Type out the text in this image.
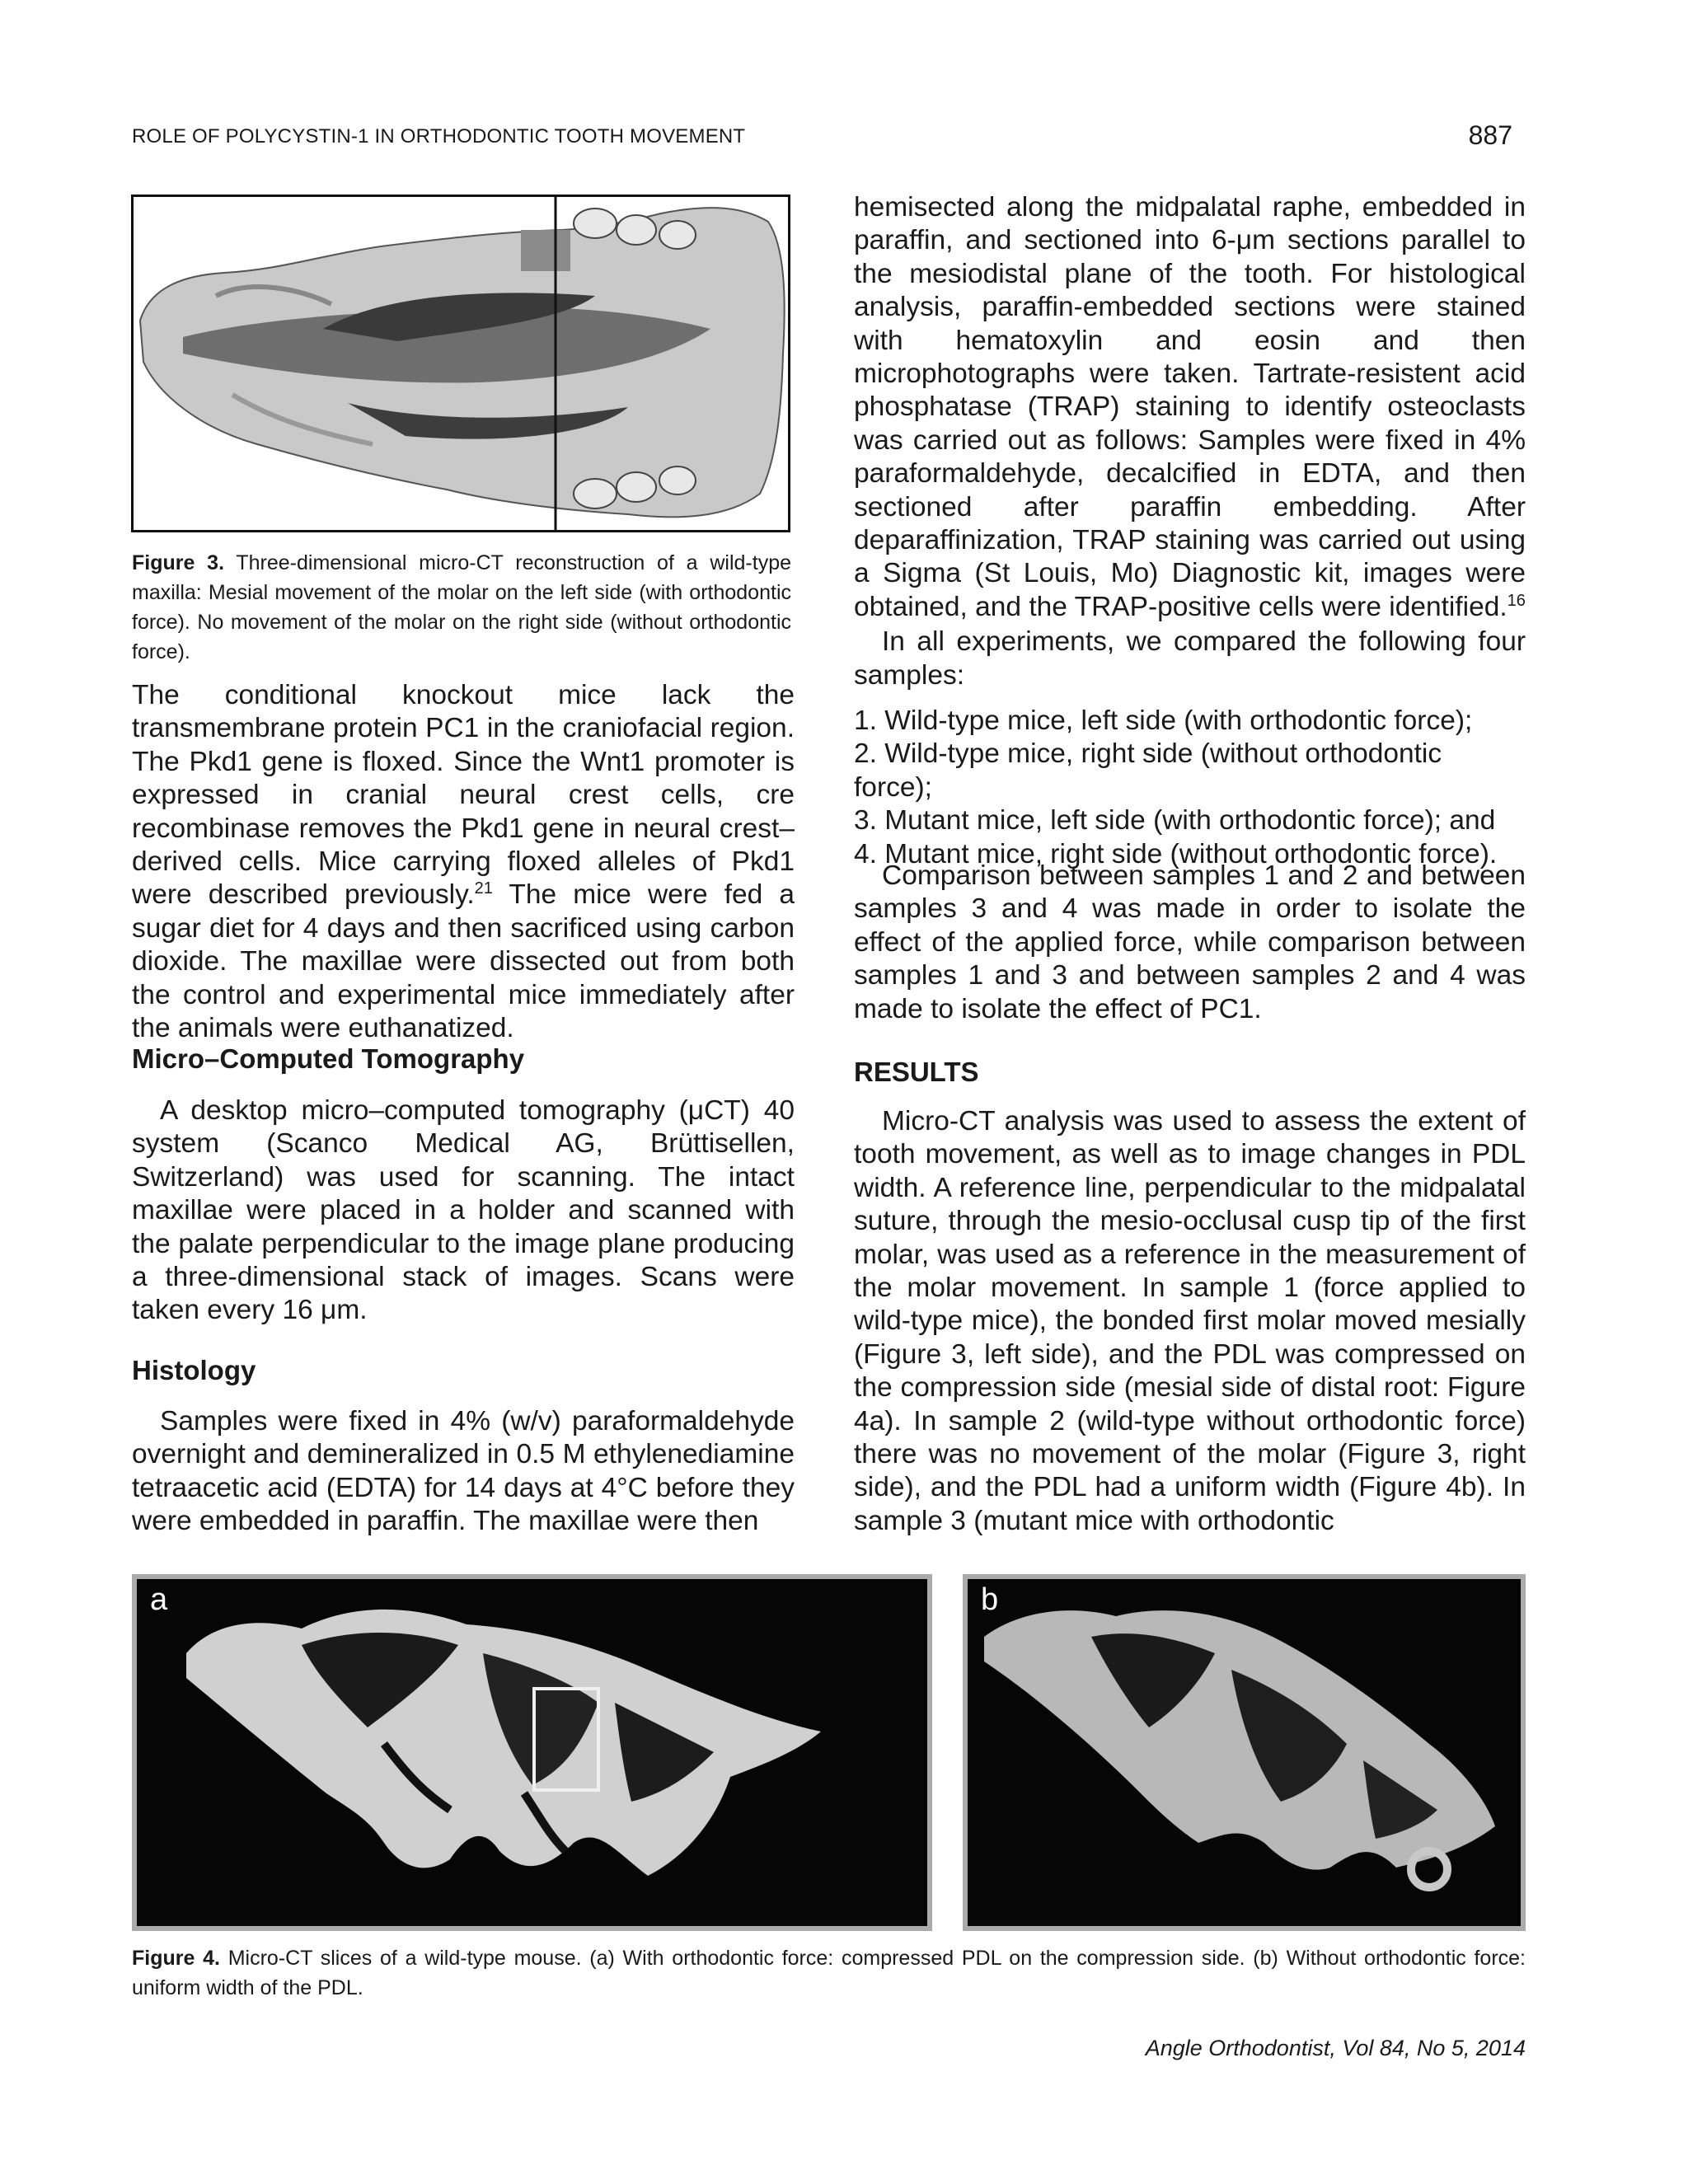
ROLE OF POLYCYSTIN-1 IN ORTHODONTIC TOOTH MOVEMENT	887
Figure 3. Three-dimensional micro-CT reconstruction of a wild-type maxilla: Mesial movement of the molar on the left side (with orthodontic force). No movement of the molar on the right side (without orthodontic force).

The conditional knockout mice lack the transmembrane protein PC1 in the craniofacial region. The Pkd1 gene is floxed. Since the Wnt1 promoter is expressed in cranial neural crest cells, cre recombinase removes the Pkd1 gene in neural crest–derived cells. Mice carrying floxed alleles of Pkd1 were described previously.$^{21}$ The mice were fed a sugar diet for 4 days and then sacrificed using carbon dioxide. The maxillae were dissected out from both the control and experimental mice immediately after the animals were euthanatized.

Micro–Computed Tomography

A desktop micro–computed tomography (μCT) 40 system (Scanco Medical AG, Brüttisellen, Switzerland) was used for scanning. The intact maxillae were placed in a holder and scanned with the palate perpendicular to the image plane producing a three-dimensional stack of images. Scans were taken every 16 μm.

Histology

Samples were fixed in 4% (w/v) paraformaldehyde overnight and demineralized in 0.5 M ethylenediamine tetraacetic acid (EDTA) for 14 days at 4°C before they were embedded in paraffin. The maxillae were then

hemisected along the midpalatal raphe, embedded in paraffin, and sectioned into 6-μm sections parallel to the mesiodistal plane of the tooth. For histological analysis, paraffin-embedded sections were stained with hematoxylin and eosin and then microphotographs were taken. Tartrate-resistent acid phosphatase (TRAP) staining to identify osteoclasts was carried out as follows: Samples were fixed in 4% paraformaldehyde, decalcified in EDTA, and then sectioned after paraffin embedding. After deparaffinization, TRAP staining was carried out using a Sigma (St Louis, Mo) Diagnostic kit, images were obtained, and the TRAP-positive cells were identified.$^{16}$

In all experiments, we compared the following four samples:

1. Wild-type mice, left side (with orthodontic force);
2. Wild-type mice, right side (without orthodontic force);
3. Mutant mice, left side (with orthodontic force); and
4. Mutant mice, right side (without orthodontic force).

Comparison between samples 1 and 2 and between samples 3 and 4 was made in order to isolate the effect of the applied force, while comparison between samples 1 and 3 and between samples 2 and 4 was made to isolate the effect of PC1.

RESULTS

Micro-CT analysis was used to assess the extent of tooth movement, as well as to image changes in PDL width. A reference line, perpendicular to the midpalatal suture, through the mesio-occlusal cusp tip of the first molar, was used as a reference in the measurement of the molar movement. In sample 1 (force applied to wild-type mice), the bonded first molar moved mesially (Figure 3, left side), and the PDL was compressed on the compression side (mesial side of distal root: Figure 4a). In sample 2 (wild-type without orthodontic force) there was no movement of the molar (Figure 3, right side), and the PDL had a uniform width (Figure 4b). In sample 3 (mutant mice with orthodontic

a	b
Figure 4. Micro-CT slices of a wild-type mouse. (a) With orthodontic force: compressed PDL on the compression side. (b) Without orthodontic force: uniform width of the PDL.
Angle Orthodontist, Vol 84, No 5, 2014
